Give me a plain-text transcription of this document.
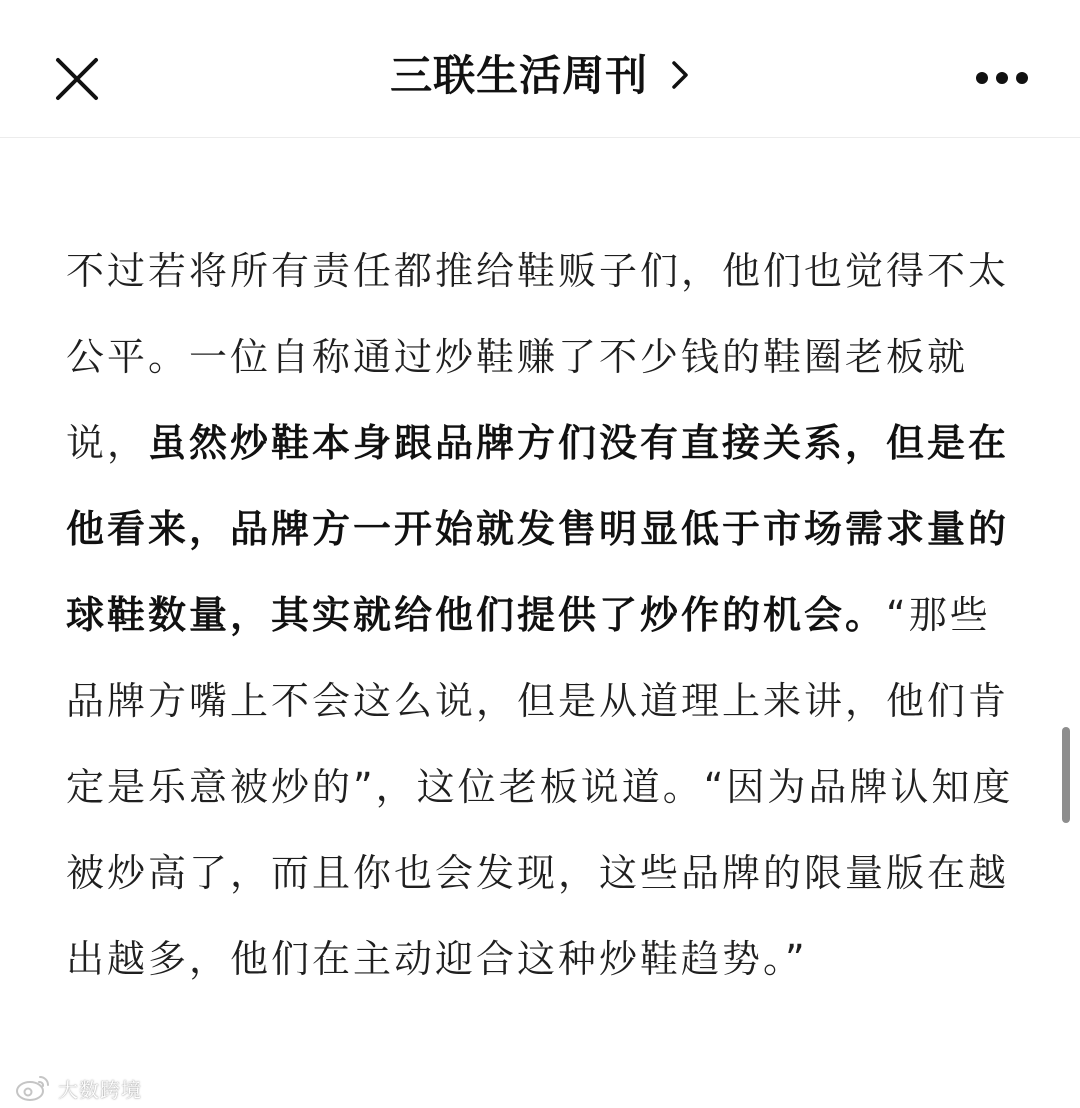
三联生活周刊

不过若将所有责任都推给鞋贩子们，他们也觉得不太公平。一位自称通过炒鞋赚了不少钱的鞋圈老板就说，虽然炒鞋本身跟品牌方们没有直接关系，但是在他看来，品牌方一开始就发售明显低于市场需求量的球鞋数量，其实就给他们提供了炒作的机会。“那些品牌方嘴上不会这么说，但是从道理上来讲，他们肯定是乐意被炒的”，这位老板说道。“因为品牌认知度被炒高了，而且你也会发现，这些品牌的限量版在越出越多，他们在主动迎合这种炒鞋趋势。”

大数跨境
